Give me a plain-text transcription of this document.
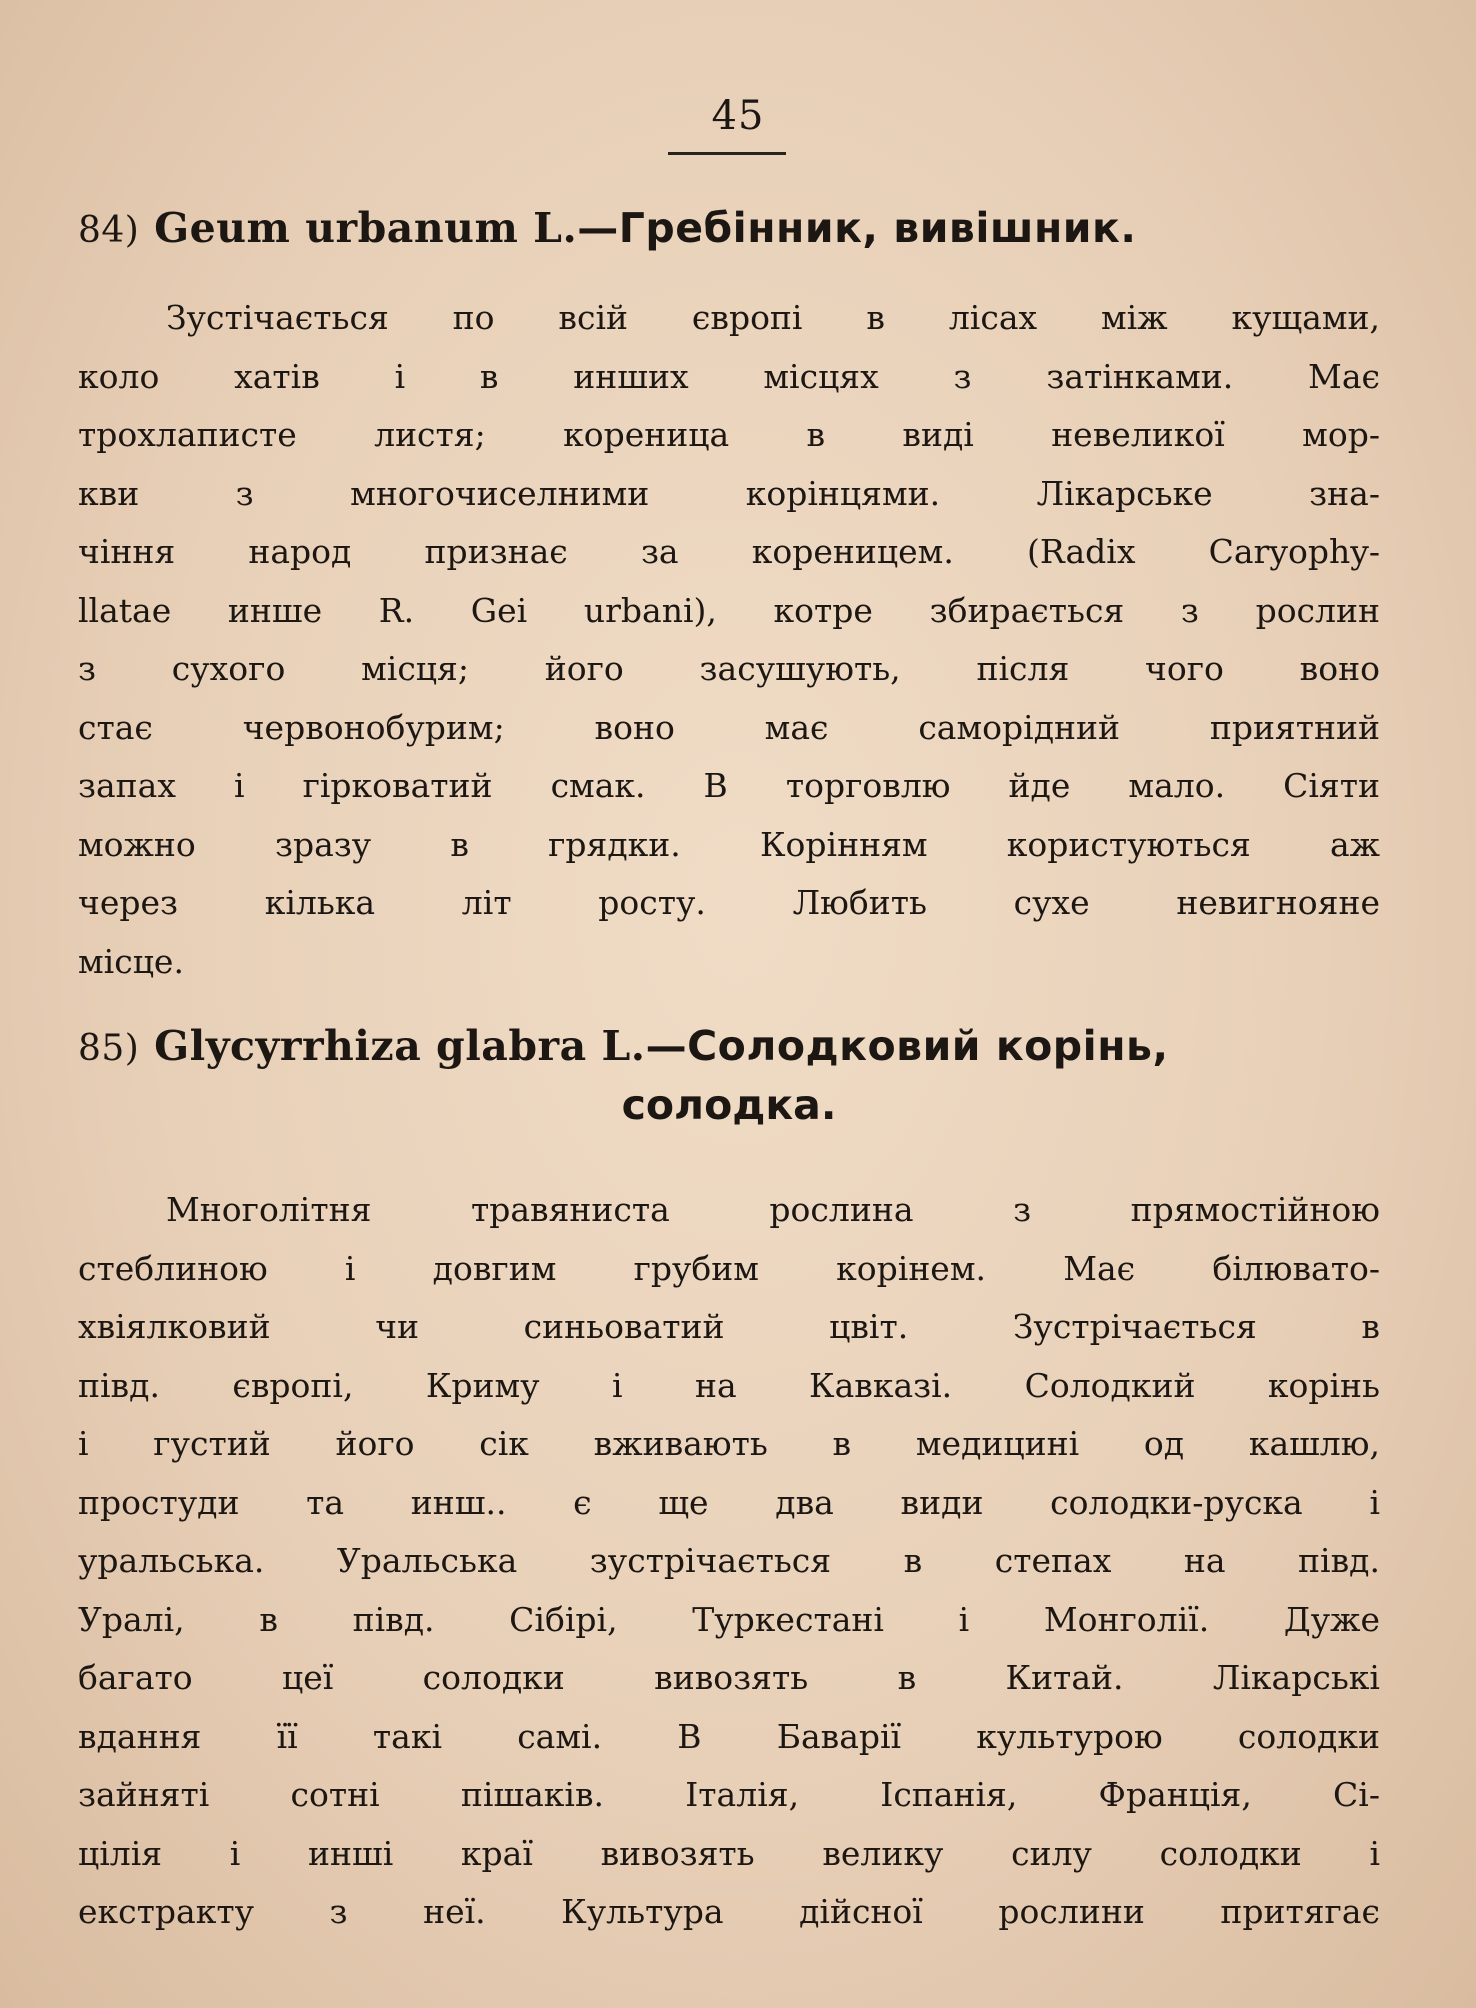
45
84) Geum urbanum L.—Гребінник, вивішник.
Зустічається по всій європі в лісах між кущами,
коло хатів і в инших місцях з затінками. Має
трохлаписте листя; кореница в виді невеликої мор-
кви з многочиселними корінцями. Лікарське зна-
чіння народ признає за кореницем. (Radix Caryophy-
llatae инше R. Gei urbani), котре збирається з рослин
з сухого місця; його засушують, після чого воно
стає червонобурим; воно має саморідний приятний
запах і гірковатий смак. В торговлю йде мало. Сіяти
можно зразу в грядки. Корінням користуються аж
через кілька літ росту. Любить сухе невигнояне
місце.
85) Glycyrrhiza glabra L.—Солодковий корінь,
солодка.
Многолітня травяниста рослина з прямостійною
стеблиною і довгим грубим корінем. Має білювато-
хвіялковий чи синьоватий цвіт. Зустрічається в
півд. європі, Криму і на Кавказі. Солодкий корінь
і густий його сік вживають в медицині од кашлю,
простуди та инш.. є ще два види солодки-руска і
уральська. Уральська зустрічається в степах на півд.
Уралі, в півд. Сібірі, Туркестані і Монголії. Дуже
багато цеї солодки вивозять в Китай. Лікарські
вдання її такі самі. В Баварії культурою солодки
зайняті сотні пішаків. Італія, Іспанія, Франція, Сі-
цілія і инші краї вивозять велику силу солодки і
екстракту з неї. Культура дійсної рослини притягає
